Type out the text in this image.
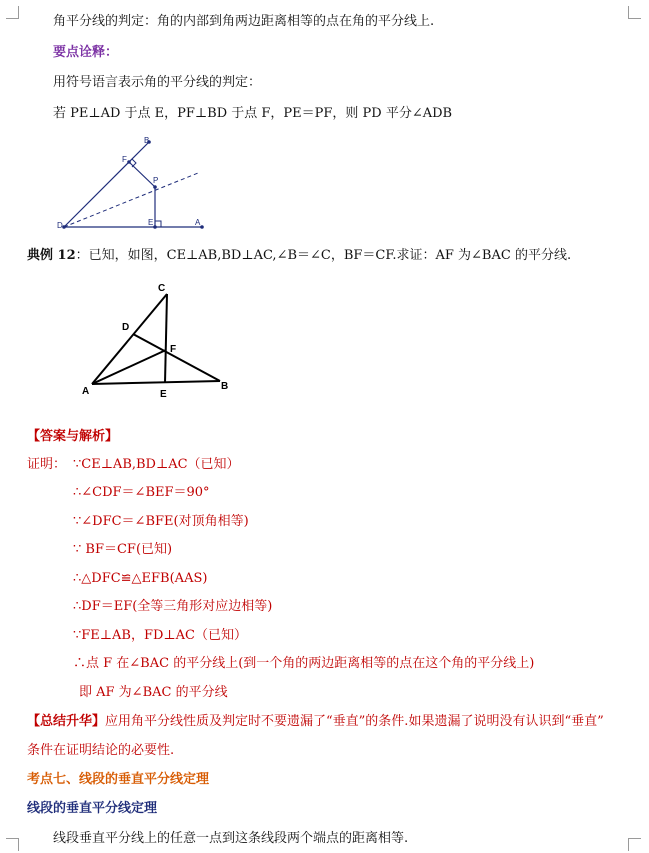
角平分线的判定：角的内部到角两边距离相等的点在角的平分线上.
要点诠释：
用符号语言表示角的平分线的判定：
若 PE⊥AD 于点 E，PF⊥BD 于点 F，PE＝PF，则 PD 平分∠ADB
B
F
P
D	E	A
典例 12：已知，如图，CE⊥AB,BD⊥AC,∠B＝∠C，BF＝CF.求证：AF 为∠BAC 的平分线.
C
D
F
A	E
B
【答案与解析】
证明： ∵CE⊥AB,BD⊥AC（已知）
∴∠CDF＝∠BEF＝90°
∵∠DFC＝∠BFE(对顶角相等)
∵ BF＝CF(已知)
∴△DFC≌△EFB(AAS)
∴DF＝EF(全等三角形对应边相等)
∵FE⊥AB，FD⊥AC（已知）
∴点 F 在∠BAC 的平分线上(到一个角的两边距离相等的点在这个角的平分线上)
即 AF 为∠BAC 的平分线
【总结升华】应用角平分线性质及判定时不要遗漏了“垂直”的条件.如果遗漏了说明没有认识到“垂直”
条件在证明结论的必要性.
考点七、线段的垂直平分线定理
线段的垂直平分线定理
线段垂直平分线上的任意一点到这条线段两个端点的距离相等.
